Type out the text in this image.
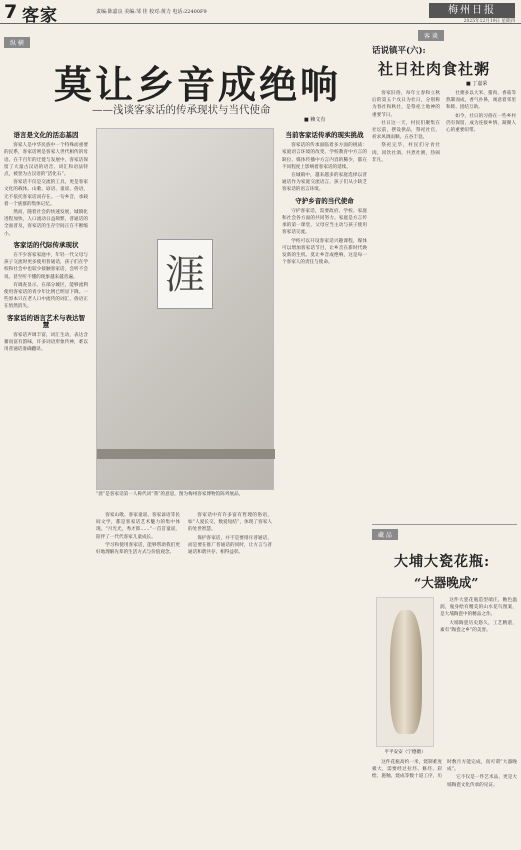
7 客家	责编:陈嘉良 美编:邹 佳 校对:黄力 电话:22400F9	梅州日报
2025年12月19日 星期四
纵 横
莫让乡音成绝响
——浅谈客家话的传承现状与当代使命
■ 赖文有
语言是文化的活态基因

客家人是中华民族中一个特殊而重要的民系，客家话则是客家人世代相传的母语。在千百年的迁徙与发展中，客家话保留了大量古汉语的语音、词汇和语法特点，被誉为古汉语的“活化石”。

客家话不仅是交流的工具，更是客家文化的载体。山歌、谚语、童谣、俗语，无不依托客家话而存在。一句乡音，承载着一个族群的集体记忆。

然而，随着社会的快速发展，城镇化进程加快，人口流动日益频繁，普通话的全面普及，客家话的生存空间正在不断缩小。

客家话的代际传承现状

在不少客家家庭中，年轻一代父母与孩子交流时更多使用普通话，孩子们在学校和社会中也较少接触客家话，会听不会说、甚至听不懂的现象越来越普遍。

有调查显示，在部分城区，能够流利使用客家话的青少年比例已明显下降。一些原本只在老人口中流传的词汇、俗语正在悄然消失。

客家话的语言艺术与表达智慧

客家话声调丰富，词汇生动，表达含蓄而富有韵味，许多词语形象传神，难以用普通话准确翻译。

涯
“涯”是客家话第一人称代词“我”的意思，图为梅州客家博物馆陈列展品。

客家山歌、客家童谣、客家谚语等民间文学，都是客家话艺术魅力的集中体现。“月光光，秀才郎……”一首首童谣，陪伴了一代代客家儿童成长。

学习和使用客家话，能够帮助我们更好地理解先辈的生活方式与价值观念。

客家话中有许多富有哲理的俗语，如“人爱长交，数爱短结”，体现了客家人的处世智慧。

保护客家话，并不是要排斥普通话，而是要在推广普通话的同时，让方言与普通话和谐共存、相得益彰。

当前客家话传承的现实挑战

客家话的传承面临着多方面的挑战：家庭语言环境的改变、学校教育中方言的缺位、媒体传播中方言内容的稀少，都在不同程度上影响着客家话的延续。

在城镇中，越来越多的家庭选择以普通话作为家庭交流语言，孩子们从小缺乏客家话的语言环境。

守护乡音的当代使命

守护客家话，需要政府、学校、家庭和社会各方面的共同努力。家庭是方言传承的第一课堂，父母应当主动与孩子使用客家话交流。

学校可以开设客家话兴趣课程，媒体可以增加客家话节目，让乡音在新时代焕发新的生机。莫让乡音成绝响，这是每一个客家人的责任与使命。

客 谈
话说镇平(六):
社日社肉食社粥
■ 丁嘉荣

客家旧俗，每年立春和立秋后的第五个戊日为社日，分别称为春社和秋社，是祭祀土地神的重要节日。

社日这一天，村民们聚集在社坛前，摆设供品，祭祀社官，祈求风调雨顺、五谷丰登。

祭祀完毕，村民们分食社肉，同饮社酒，共煮社粥，热闹非凡。

社粥多以大米、猪肉、香菇等熬制而成，香气扑鼻，寓意着邻里和睦、团结互助。

如今，社日的习俗在一些乡村仍有保留，成为连接乡情、凝聚人心的重要纽带。

藏 品
大埔大瓷花瓶:
“大器晚成”
平平安安（宁德摄）

这件大瓷花瓶造型端庄，釉色温润，瓶身绘有精美的山水花鸟图案，是大埔陶瓷中的精品之作。

大埔陶瓷历史悠久，工艺精湛，素有“陶瓷之乡”的美誉。

这件花瓶高约一米，烧制难度极大，需要经过拉坯、修坯、彩绘、施釉、烧成等数十道工序，历时数月方能完成，真可谓“大器晚成”。

它不仅是一件艺术品，更是大埔陶瓷文化传承的见证。
